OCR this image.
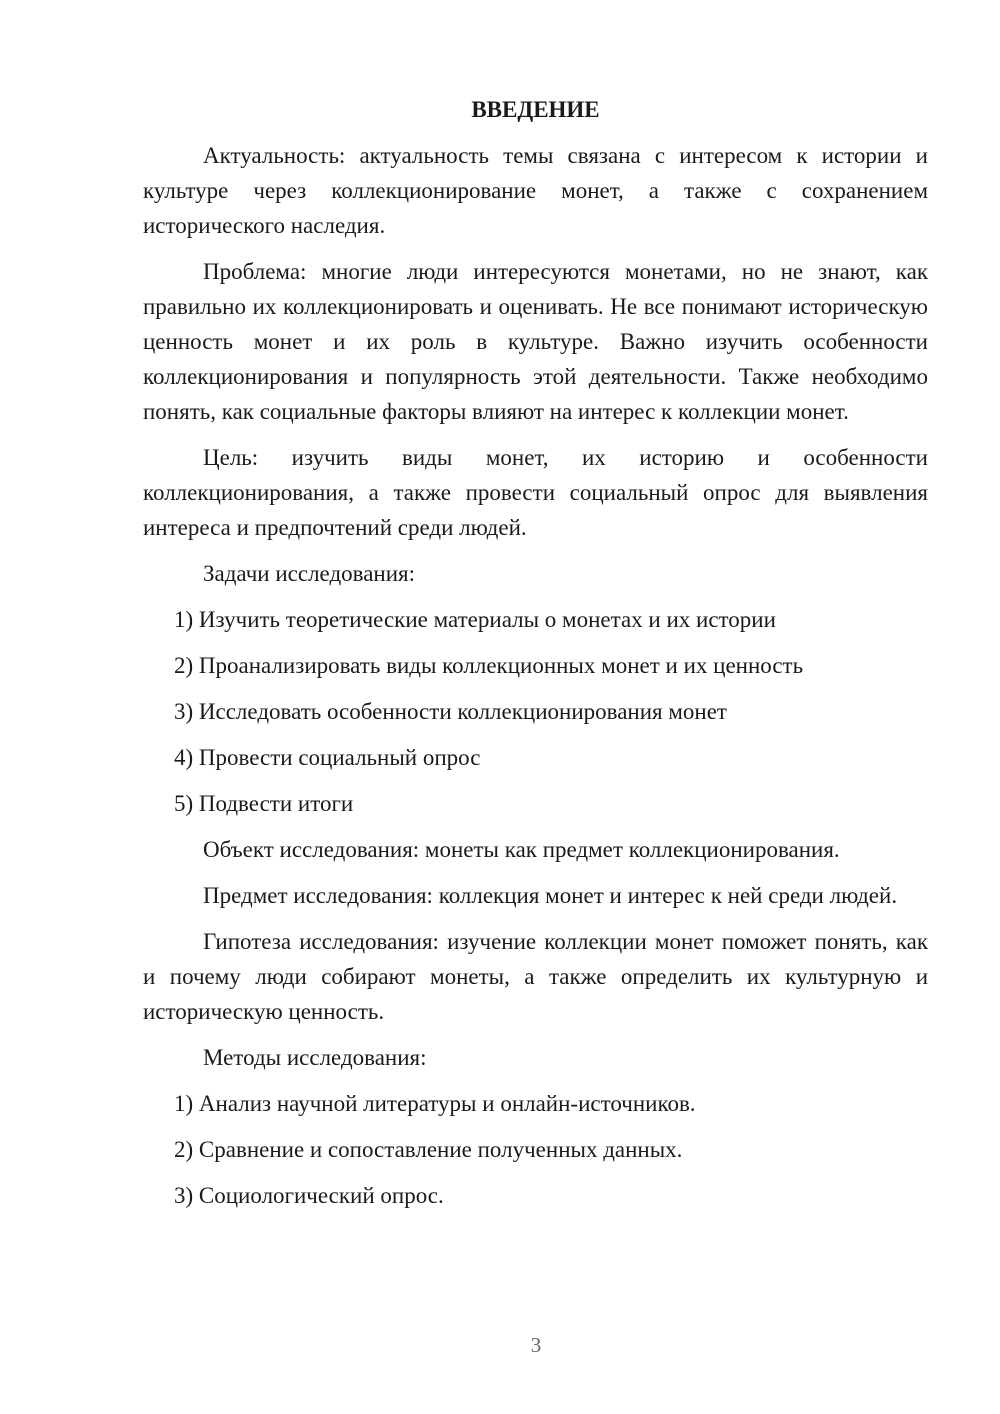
ВВЕДЕНИЕ

Актуальность: актуальность темы связана с интересом к истории и культуре через коллекционирование монет, а также с сохранением исторического наследия.

Проблема: многие люди интересуются монетами, но не знают, как правильно их коллекционировать и оценивать. Не все понимают историческую ценность монет и их роль в культуре. Важно изучить особенности коллекционирования и популярность этой деятельности. Также необходимо понять, как социальные факторы влияют на интерес к коллекции монет.

Цель: изучить виды монет, их историю и особенности коллекционирования, а также провести социальный опрос для выявления интереса и предпочтений среди людей.

Задачи исследования:

1) Изучить теоретические материалы о монетах и их истории

2) Проанализировать виды коллекционных монет и их ценность

3) Исследовать особенности коллекционирования монет

4) Провести социальный опрос

5) Подвести итоги

Объект исследования: монеты как предмет коллекционирования.

Предмет исследования: коллекция монет и интерес к ней среди людей.

Гипотеза исследования: изучение коллекции монет поможет понять, как и почему люди собирают монеты, а также определить их культурную и историческую ценность.

Методы исследования:

1) Анализ научной литературы и онлайн-источников.

2) Сравнение и сопоставление полученных данных.

3) Социологический опрос.

3
